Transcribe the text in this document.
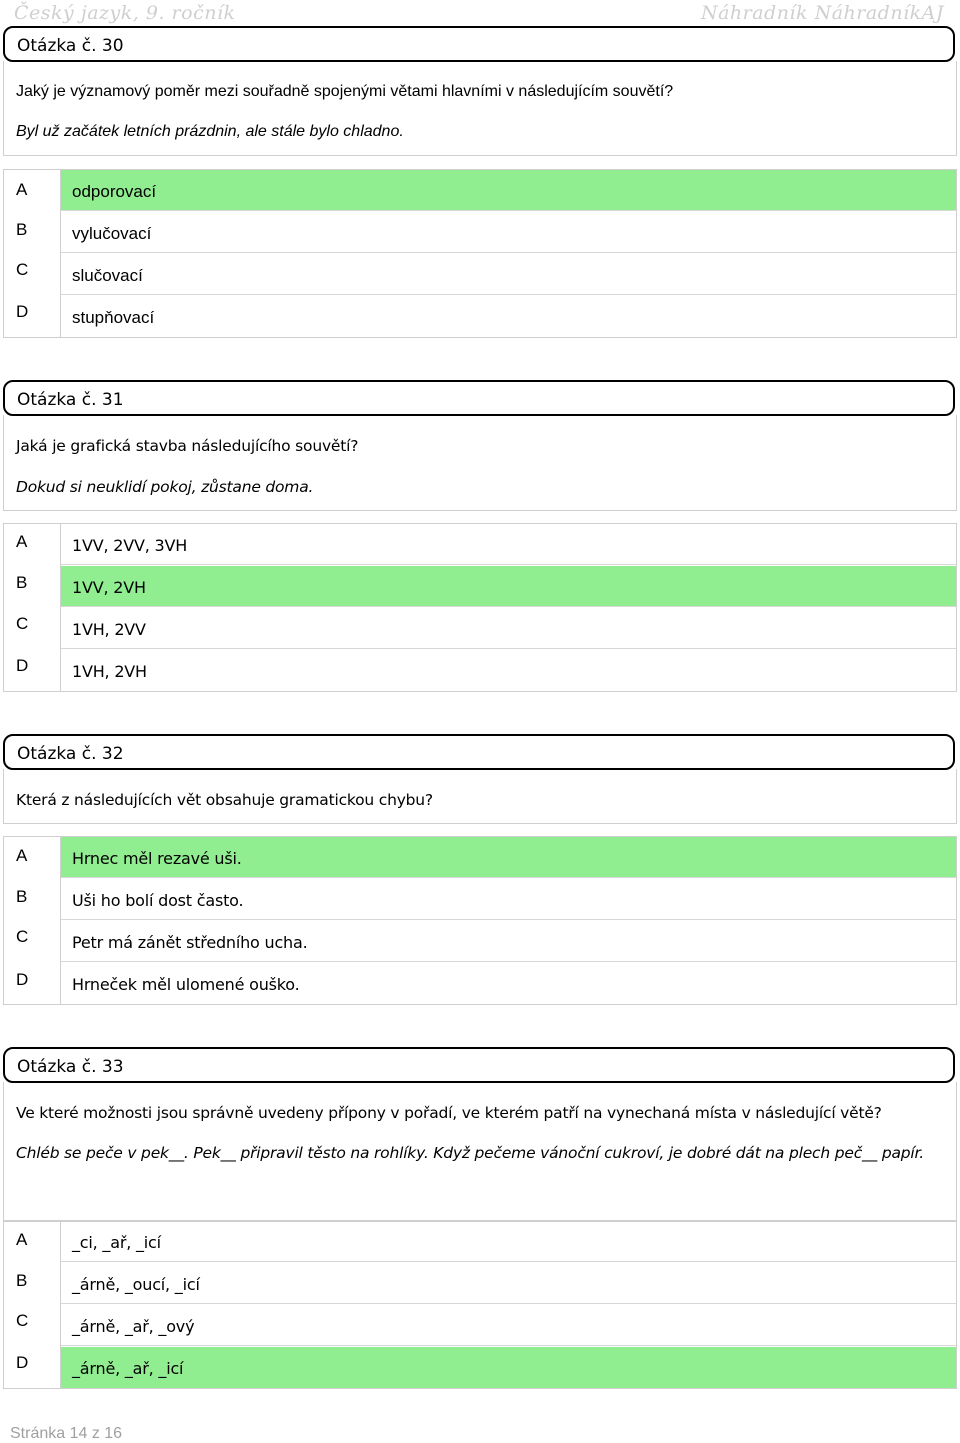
Český jazyk, 9. ročník	Náhradník NáhradníkAJ
Otázka č. 30
Jaký je významový poměr mezi souřadně spojenými větami hlavními v následujícím souvětí?
Byl už začátek letních prázdnin, ale stále bylo chladno.
A
B
C
D
odporovací
vylučovací
slučovací
stupňovací
Otázka č. 31
Jaká je grafická stavba následujícího souvětí?
Dokud si neuklidí pokoj, zůstane doma.
A
B
C
D
1VV, 2VV, 3VH
1VV, 2VH
1VH, 2VV
1VH, 2VH
Otázka č. 32
Která z následujících vět obsahuje gramatickou chybu?
A
B
C
D
Hrnec měl rezavé uši.
Uši ho bolí dost často.
Petr má zánět středního ucha.
Hrneček měl ulomené ouško.
Otázka č. 33
Ve které možnosti jsou správně uvedeny přípony v pořadí, ve kterém patří na vynechaná místa v následující větě?
Chléb se peče v pek__. Pek__ připravil těsto na rohlíky. Když pečeme vánoční cukroví, je dobré dát na plech peč__ papír.
A
B
C
D
_ci, _ař, _icí
_árně, _oucí, _icí
_árně, _ař, _ový
_árně, _ař, _icí
Stránka 14 z 16
